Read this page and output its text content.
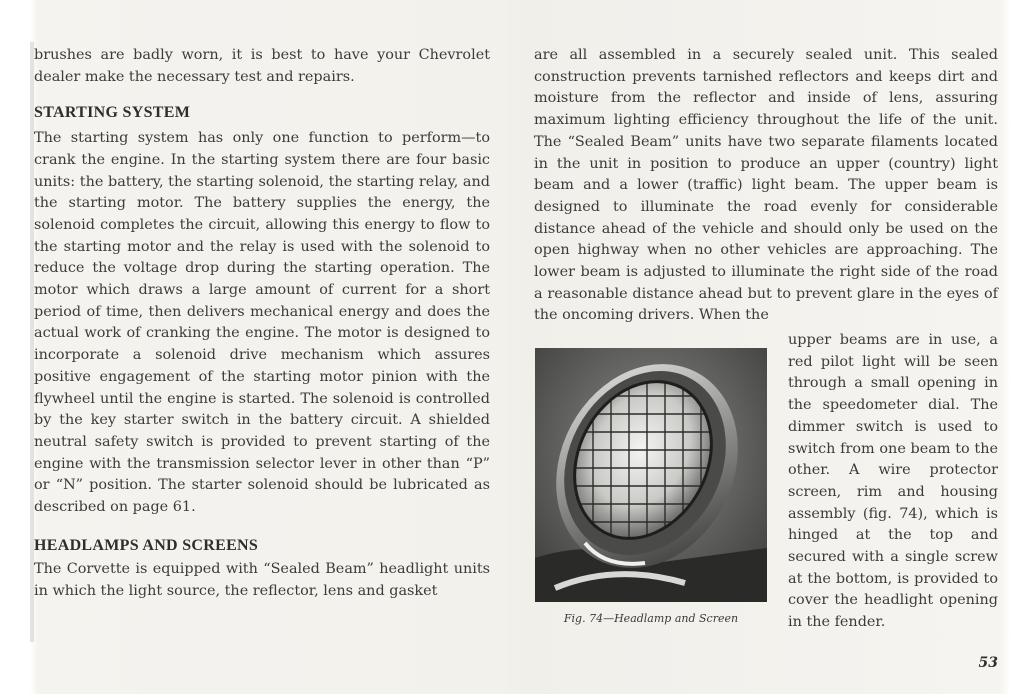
brushes are badly worn, it is best to have your Chevrolet dealer make the necessary test and repairs.

STARTING SYSTEM

The starting system has only one function to perform—to crank the engine. In the starting system there are four basic units: the battery, the starting solenoid, the starting relay, and the starting motor. The battery supplies the energy, the solenoid completes the circuit, allowing this energy to flow to the starting motor and the relay is used with the solenoid to reduce the voltage drop during the starting operation. The motor which draws a large amount of current for a short period of time, then delivers mechanical energy and does the actual work of cranking the engine. The motor is designed to incorporate a solenoid drive mechanism which assures positive engagement of the starting motor pinion with the flywheel until the engine is started. The solenoid is controlled by the key starter switch in the battery circuit. A shielded neutral safety switch is provided to prevent starting of the engine with the transmission selector lever in other than “P” or “N” position. The starter solenoid should be lubricated as described on page 61.

HEADLAMPS AND SCREENS

The Corvette is equipped with “Sealed Beam” headlight units in which the light source, the reflector, lens and gasket

are all assembled in a securely sealed unit. This sealed construction prevents tarnished reflectors and keeps dirt and moisture from the reflector and inside of lens, assuring maximum lighting efficiency throughout the life of the unit. The “Sealed Beam” units have two separate filaments located in the unit in position to produce an upper (country) light beam and a lower (traffic) light beam. The upper beam is designed to illuminate the road evenly for considerable distance ahead of the vehicle and should only be used on the open highway when no other vehicles are approaching. The lower beam is adjusted to illuminate the right side of the road a reasonable distance ahead but to prevent glare in the eyes of the oncoming drivers. When the

upper beams are in use, a red pilot light will be seen through a small opening in the speedometer dial. The dimmer switch is used to switch from one beam to the other. A wire protector screen, rim and housing assembly (fig. 74), which is hinged at the top and secured with a single screw at the bottom, is provided to cover the headlight opening in the fender.
Fig. 74—Headlamp and Screen
53
